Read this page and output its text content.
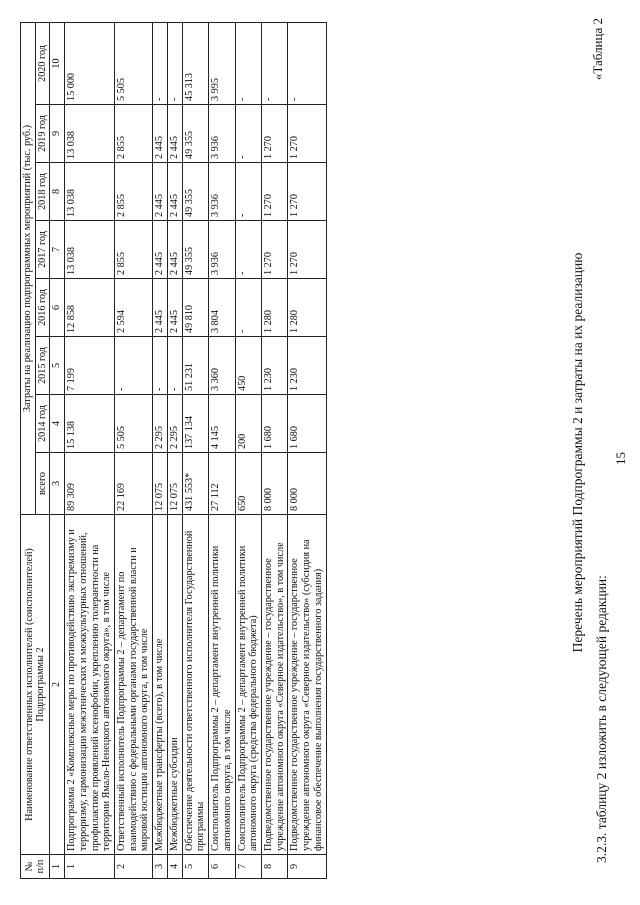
№ п/п	Наименование ответственных исполнителей (соисполнителей) Подпрограммы 2	Затраты на реализацию подпрограммных мероприятий (тыс. руб.)							
		всего	2014 год	2015 год	2016 год	2017 год	2018 год	2019 год	2020 год
1	2	3	4	5	6	7	8	9	10
1	Подпрограмма 2 «Комплексные меры по противодействию экстремизму и терроризму, гармонизации межэтнических и межкультурных отношений, профилактике проявлений ксенофобии, укреплению толерантности на территории Ямало-Ненецкого автономного округа», в том числе	89 309	15 138	7 199	12 858	13 038	13 038	13 038	15 000
2	Ответственный исполнитель Подпрограммы 2 – департамент по взаимодействию с федеральными органами государственной власти и мировой юстиции автономного округа, в том числе	22 169	5 505	-	2 594	2 855	2 855	2 855	5 505
3	Межбюджетные трансферты (всего), в том числе	12 075	2 295	-	2 445	2 445	2 445	2 445	-
4	Межбюджетные субсидии	12 075	2 295	-	2 445	2 445	2 445	2 445	-
5	Обеспечение деятельности ответственного исполнителя Государственной программы	431 553*	137 134	51 231	49 810	49 355	49 355	49 355	45 313
6	Соисполнитель Подпрограммы 2 – департамент внутренней политики автономного округа, в том числе	27 112	4 145	3 360	3 804	3 936	3 936	3 936	3 995
7	Соисполнитель Подпрограммы 2 – департамент внутренней политики автономного округа (средства федерального бюджета)	650	200	450	-	-	-	-	-
8	Подведомственное государственное учреждение – государственное учреждение автономного округа «Северное издательство», в том числе	8 000	1 680	1 230	1 280	1 270	1 270	1 270	-
9	Подведомственное государственное учреждение – государственное учреждение автономного округа «Северное издательство» (субсидия на финансовое обеспечение выполнения государственного задания)	8 000	1 680	1 230	1 280	1 270	1 270	1 270	-
Перечень мероприятий Подпрограммы 2 и затраты на их реализацию
«Таблица 2
3.2.3. таблицу 2 изложить в следующей редакции:
15
